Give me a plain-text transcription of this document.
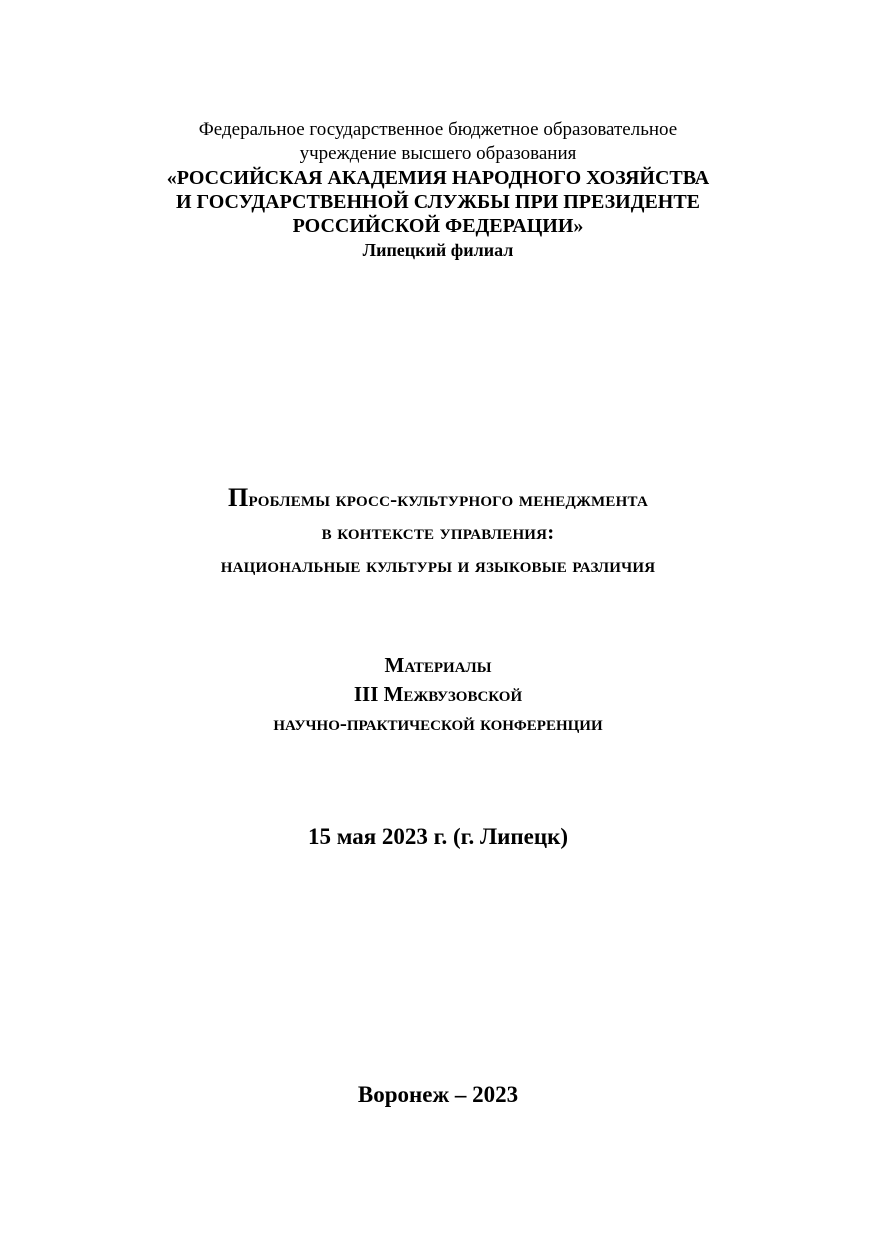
Федеральное государственное бюджетное образовательное
учреждение высшего образования
«РОССИЙСКАЯ АКАДЕМИЯ НАРОДНОГО ХОЗЯЙСТВА
И ГОСУДАРСТВЕННОЙ СЛУЖБЫ ПРИ ПРЕЗИДЕНТЕ
РОССИЙСКОЙ ФЕДЕРАЦИИ»
Липецкий филиал
Проблемы кросс-культурного менеджмента
в контексте управления:
национальные культуры и языковые различия
Материалы
III Межвузовской
научно-практической конференции
15 мая 2023 г. (г. Липецк)
Воронеж – 2023
